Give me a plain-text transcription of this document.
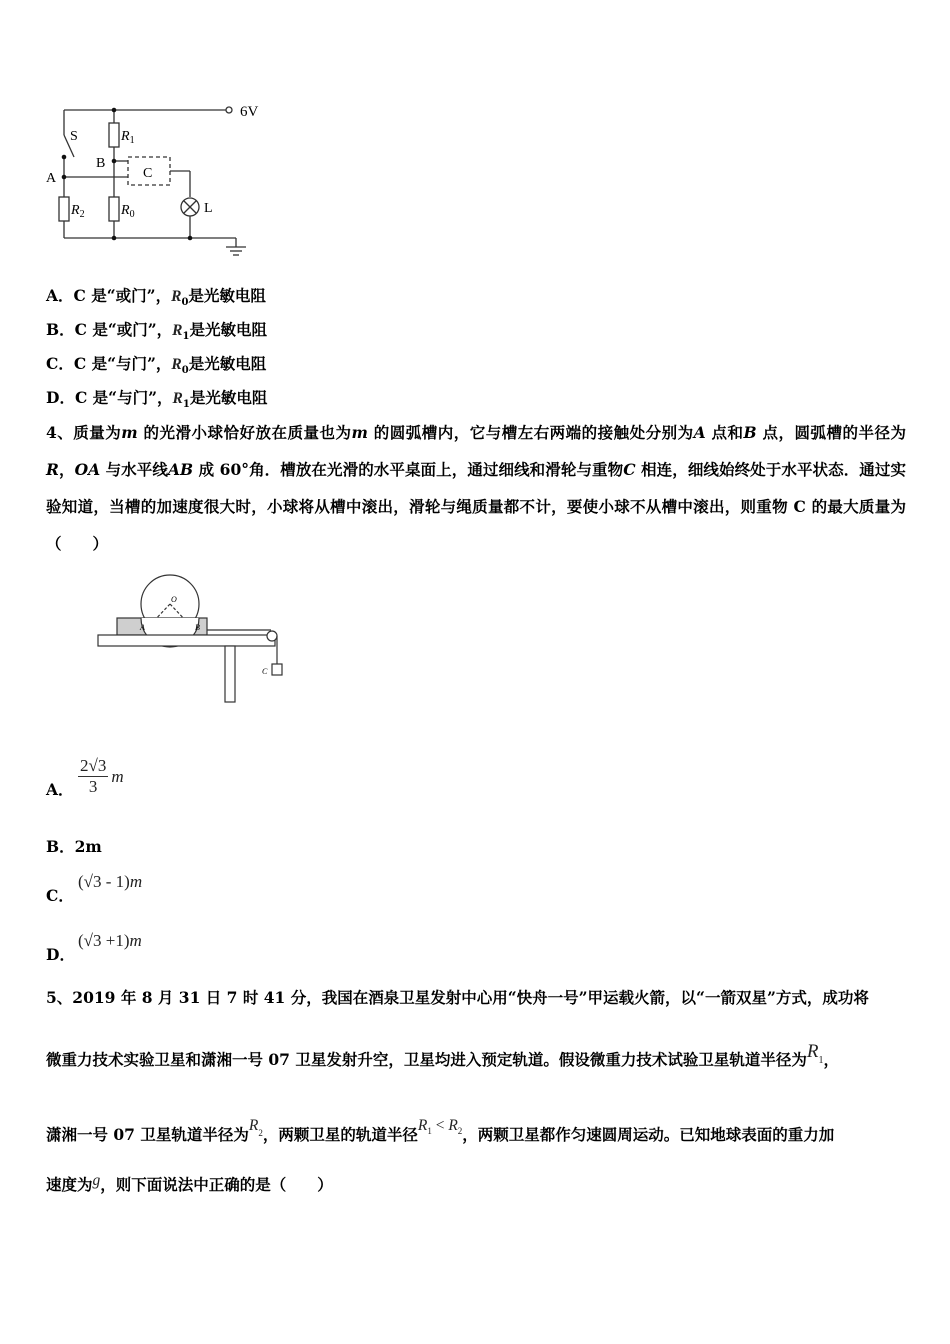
6V
S
A
B
C
$R_1$
$R_2$	$R_0$	L
A．C 是“或门”，$R_0$是光敏电阻
B．C 是“或门”，$R_1$是光敏电阻
C．C 是“与门”，$R_0$是光敏电阻
D．C 是“与门”，$R_1$是光敏电阻
4、质量为m 的光滑小球恰好放在质量也为m 的圆弧槽内，它与槽左右两端的接触处分别为A 点和B 点，圆弧槽的半径为R，OA 与水平线AB 成 60°角．槽放在光滑的水平桌面上，通过细线和滑轮与重物C 相连，细线始终处于水平状态．通过实验知道，当槽的加速度很大时，小球将从槽中滚出，滑轮与绳质量都不计，要使小球不从槽中滚出，则重物 C 的最大质量为（　　）
A	B
O
C
A． $\frac{2√3}{3}$ m
B．2m
C．
(√3 - 1)m
D．
(√3 +1)m
5、2019 年 8 月 31 日 7 时 41 分，我国在酒泉卫星发射中心用“快舟一号”甲运载火箭，以“一箭双星”方式，成功将
微重力技术实验卫星和潇湘一号 07 卫星发射升空，卫星均进入预定轨道。假设微重力技术试验卫星轨道半径为$R_1$，
潇湘一号 07 卫星轨道半径为$R_2$，两颗卫星的轨道半径$R_1 < R_2$，两颗卫星都作匀速圆周运动。已知地球表面的重力加
速度为g，则下面说法中正确的是（　　）
